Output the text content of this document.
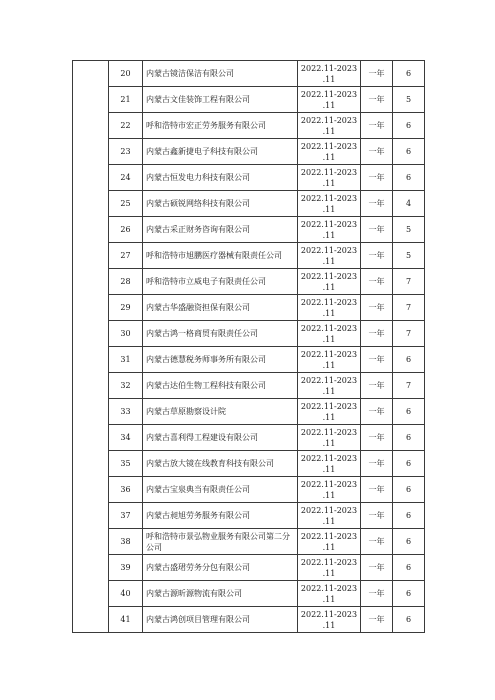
	20	内蒙古镜洁保洁有限公司	2022.11-2023
.11	一年	6
	21	内蒙古文佳装饰工程有限公司	2022.11-2023
.11	一年	5
	22	呼和浩特市宏正劳务服务有限公司	2022.11-2023
.11	一年	6
	23	内蒙古鑫新捷电子科技有限公司	2022.11-2023
.11	一年	6
	24	内蒙古恒发电力科技有限公司	2022.11-2023
.11	一年	6
	25	内蒙古硕锐网络科技有限公司	2022.11-2023
.11	一年	4
	26	内蒙古采正财务咨询有限公司	2022.11-2023
.11	一年	5
	27	呼和浩特市旭鹏医疗器械有限责任公司	2022.11-2023
.11	一年	5
	28	呼和浩特市立威电子有限责任公司	2022.11-2023
.11	一年	7
	29	内蒙古华盛融资担保有限公司	2022.11-2023
.11	一年	7
	30	内蒙古鸿一格商贸有限责任公司	2022.11-2023
.11	一年	7
	31	内蒙古德慧税务师事务所有限公司	2022.11-2023
.11	一年	6
	32	内蒙古达伯生物工程科技有限公司	2022.11-2023
.11	一年	7
	33	内蒙古草原勘察设计院	2022.11-2023
.11	一年	6
	34	内蒙古喜利得工程建设有限公司	2022.11-2023
.11	一年	6
	35	内蒙古放大镜在线教育科技有限公司	2022.11-2023
.11	一年	6
	36	内蒙古宝泉典当有限责任公司	2022.11-2023
.11	一年	6
	37	内蒙古昶旭劳务服务有限公司	2022.11-2023
.11	一年	6
	38	呼和浩特市景弘物业服务有限公司第二分公司	2022.11-2023
.11	一年	6
	39	内蒙古盛珺劳务分包有限公司	2022.11-2023
.11	一年	6
	40	内蒙古源昕源物流有限公司	2022.11-2023
.11	一年	6
	41	内蒙古鸿创项目管理有限公司	2022.11-2023
.11	一年	6
